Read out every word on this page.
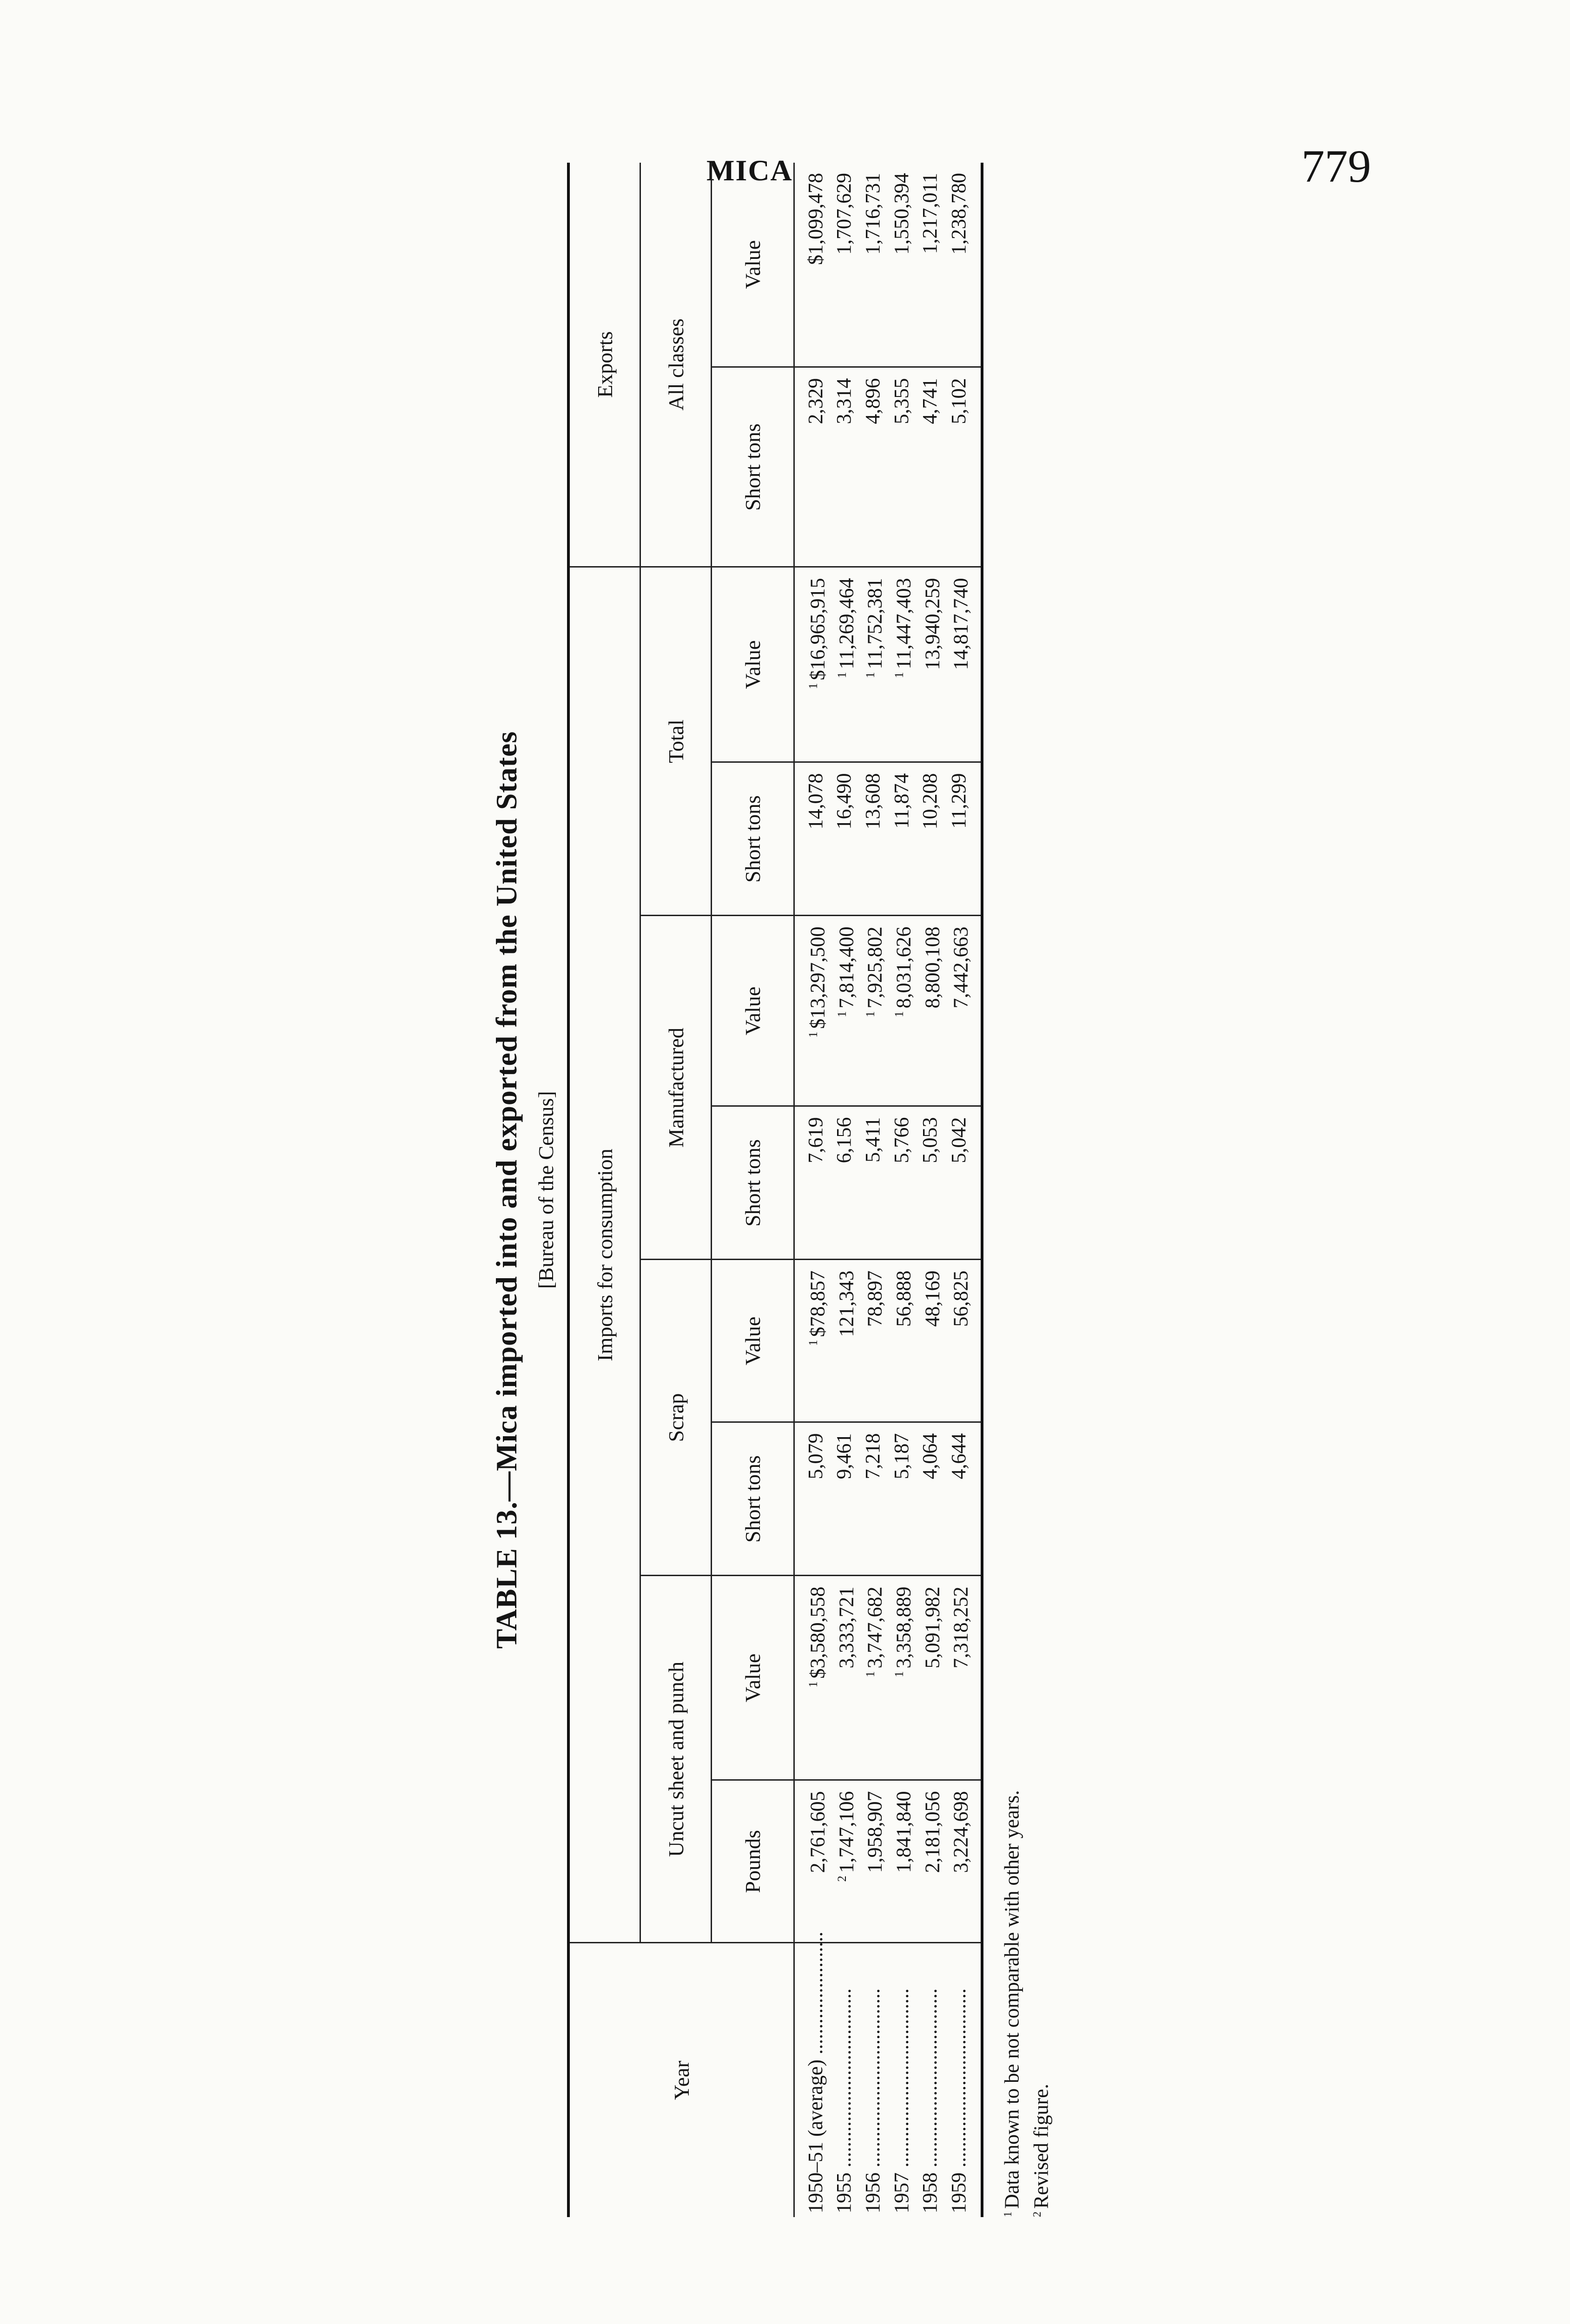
MICA	779
TABLE 13.—Mica imported into and exported from the United States [Bureau of the Census]
Year	Imports for consumption								Exports	
	Uncut sheet and punch		Scrap		Manufactured		Total		All classes	
	Pounds	Value	Short tons	Value	Short tons	Value	Short tons	Value	Short tons	Value
1950–51 (average) ........................	2,761,605	$^1$\$3,580,558	5,079	$^1$\$78,857	7,619	$^1$\$13,297,500	14,078	$^1$\$16,965,915	2,329	$1,099,478
1955 ...................................	$^2$1,747,106	3,333,721	9,461	121,343	6,156	$^1$7,814,400	16,490	$^1$11,269,464	3,314	1,707,629
1956 ...................................	1,958,907	$^1$3,747,682	7,218	78,897	5,411	$^1$7,925,802	13,608	$^1$11,752,381	4,896	1,716,731
1957 ...................................	1,841,840	$^1$3,358,889	5,187	56,888	5,766	$^1$8,031,626	11,874	$^1$11,447,403	5,355	1,550,394
1958 ...................................	2,181,056	5,091,982	4,064	48,169	5,053	8,800,108	10,208	13,940,259	4,741	1,217,011
1959 ...................................	3,224,698	7,318,252	4,644	56,825	5,042	7,442,663	11,299	14,817,740	5,102	1,238,780
$^1$Data known to be not comparable with other years.
$^2$Revised figure.
